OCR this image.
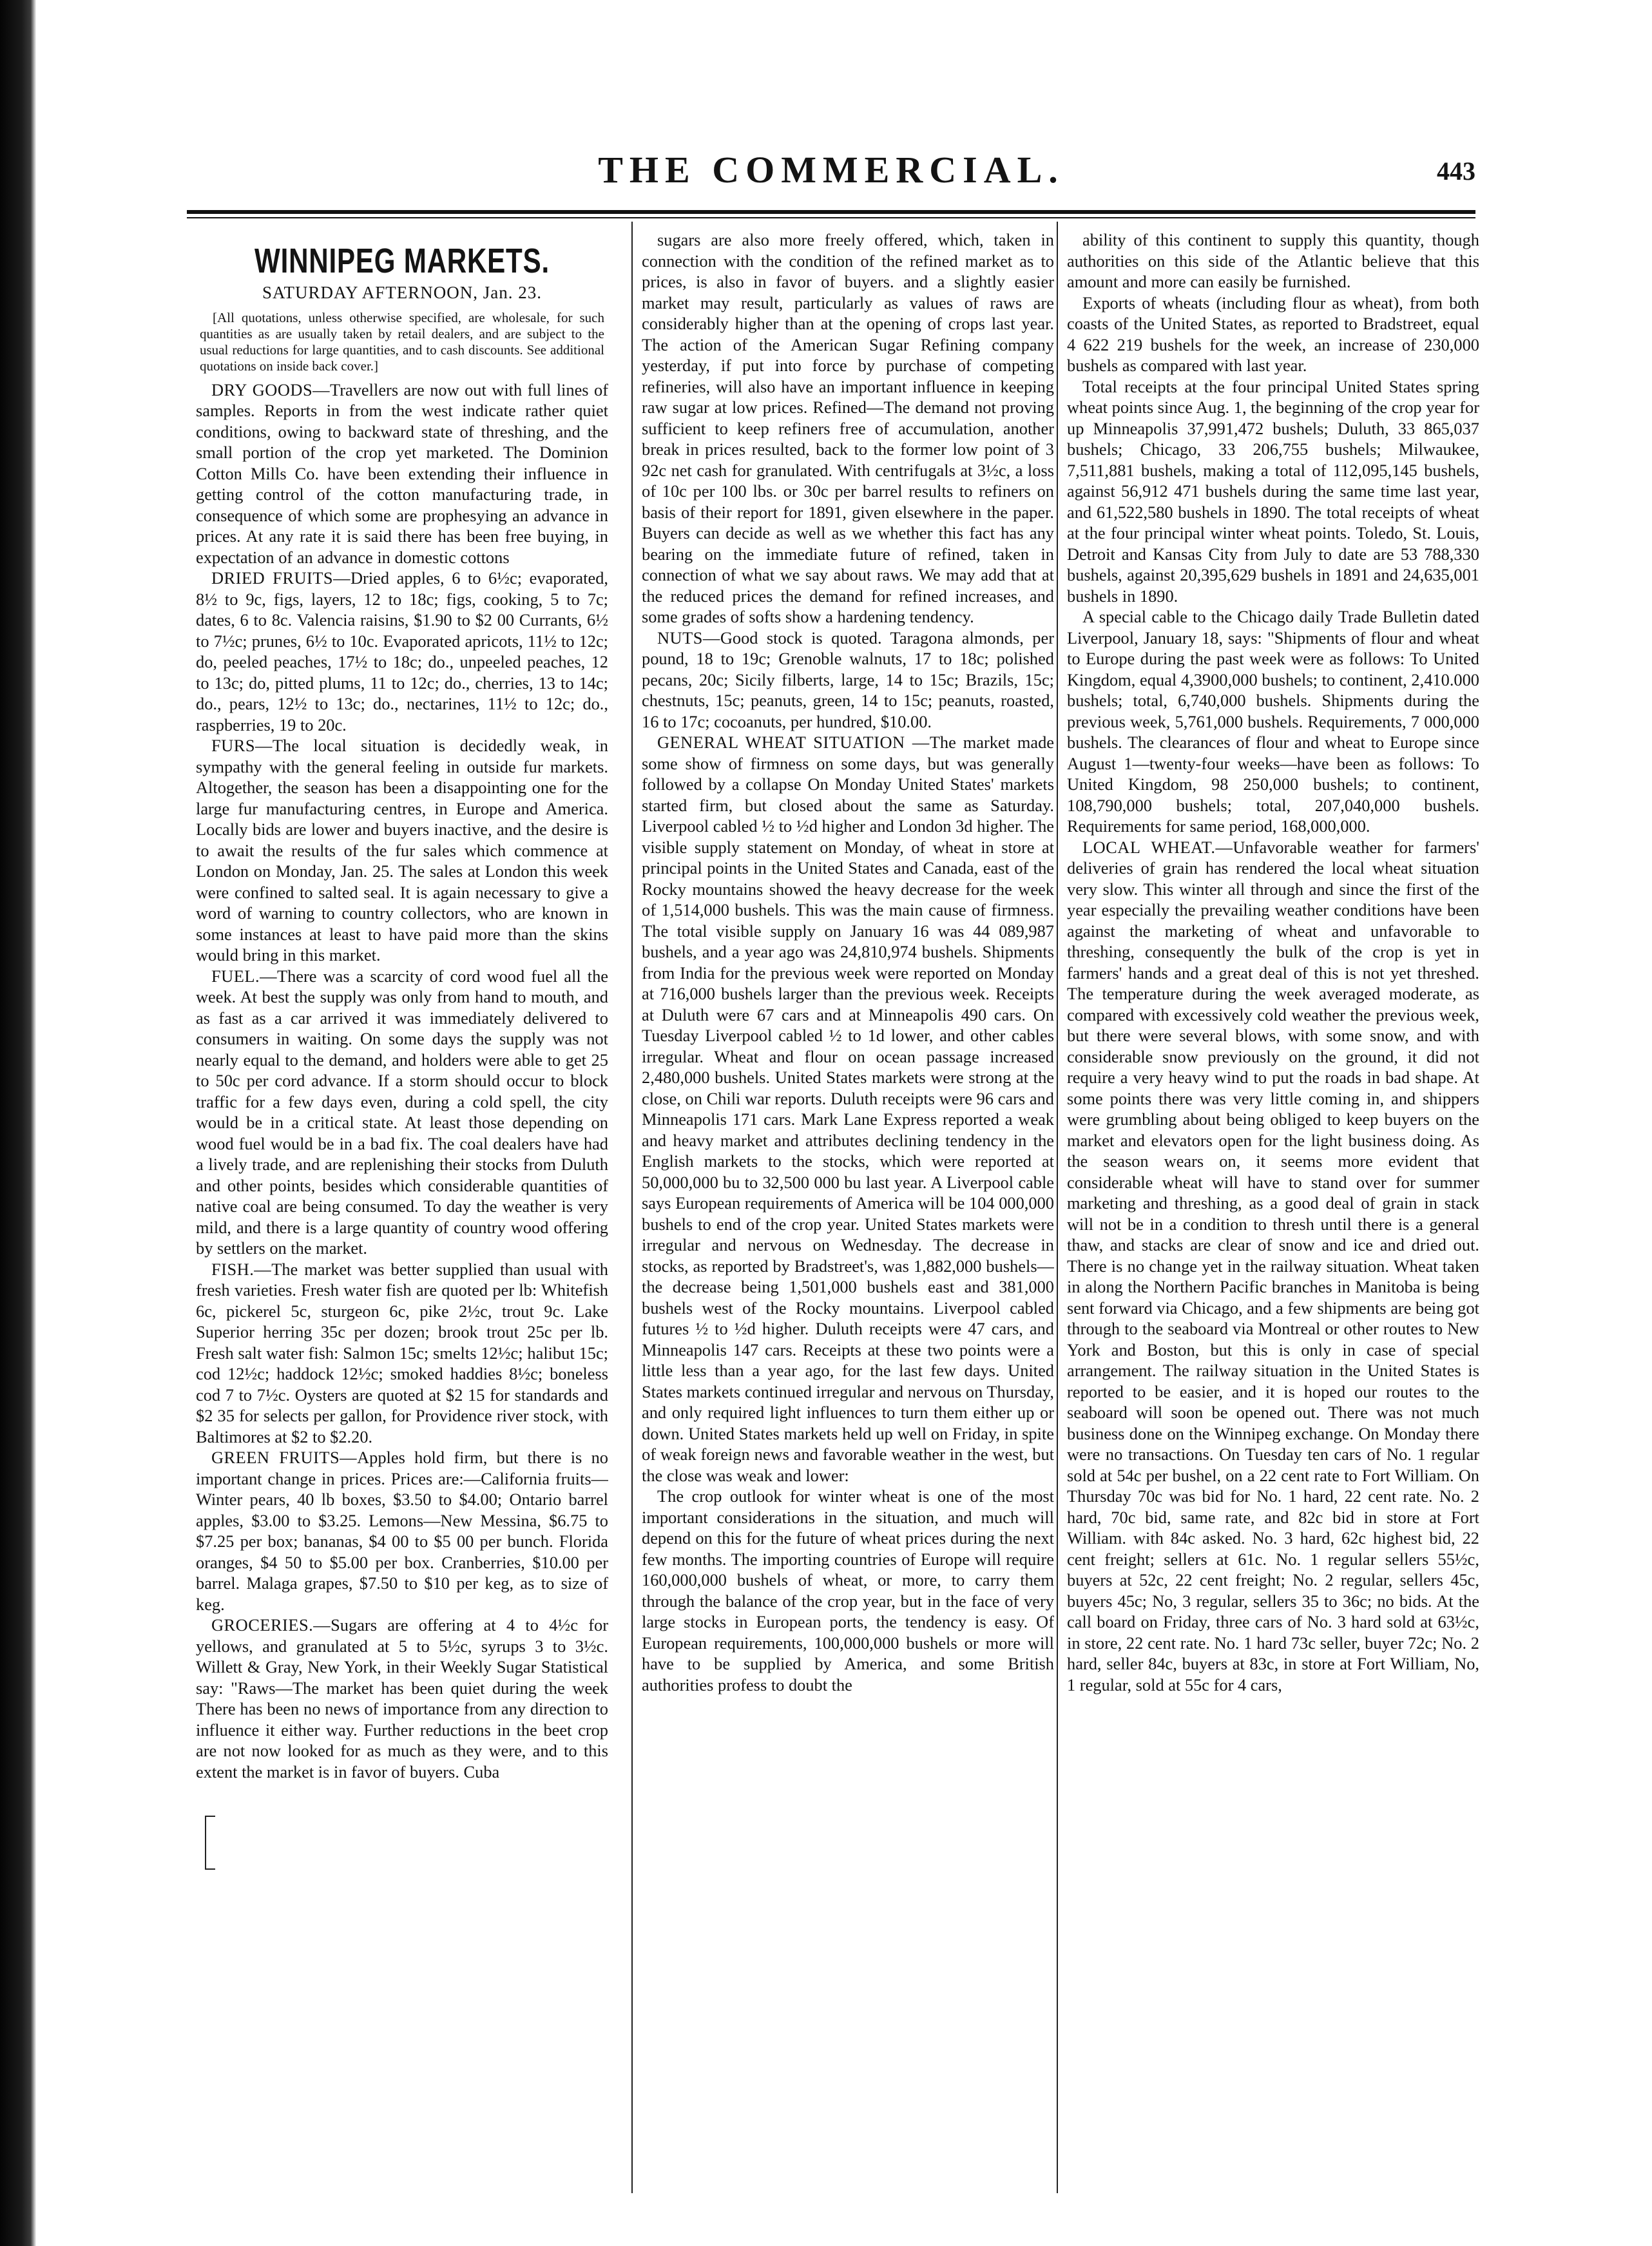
THE COMMERCIAL.	443
WINNIPEG MARKETS.
SATURDAY AFTERNOON, Jan. 23.
[All quotations, unless otherwise specified, are wholesale, for such quantities as are usually taken by retail dealers, and are subject to the usual reductions for large quantities, and to cash discounts. See additional quotations on inside back cover.]

DRY GOODS—Travellers are now out with full lines of samples. Reports in from the west indicate rather quiet conditions, owing to backward state of threshing, and the small portion of the crop yet marketed. The Dominion Cotton Mills Co. have been extending their influence in getting control of the cotton manufacturing trade, in consequence of which some are prophesying an advance in prices. At any rate it is said there has been free buying, in expectation of an advance in domestic cottons

DRIED FRUITS—Dried apples, 6 to 6½c; evaporated, 8½ to 9c, figs, layers, 12 to 18c; figs, cooking, 5 to 7c; dates, 6 to 8c. Valencia raisins, $1.90 to $2 00 Currants, 6½ to 7½c; prunes, 6½ to 10c. Evaporated apricots, 11½ to 12c; do, peeled peaches, 17½ to 18c; do., unpeeled peaches, 12 to 13c; do, pitted plums, 11 to 12c; do., cherries, 13 to 14c; do., pears, 12½ to 13c; do., nectarines, 11½ to 12c; do., raspberries, 19 to 20c.

FURS—The local situation is decidedly weak, in sympathy with the general feeling in outside fur markets. Altogether, the season has been a disappointing one for the large fur manufacturing centres, in Europe and America. Locally bids are lower and buyers inactive, and the desire is to await the results of the fur sales which commence at London on Monday, Jan. 25. The sales at London this week were confined to salted seal. It is again necessary to give a word of warning to country collectors, who are known in some instances at least to have paid more than the skins would bring in this market.

FUEL.—There was a scarcity of cord wood fuel all the week. At best the supply was only from hand to mouth, and as fast as a car arrived it was immediately delivered to consumers in waiting. On some days the supply was not nearly equal to the demand, and holders were able to get 25 to 50c per cord advance. If a storm should occur to block traffic for a few days even, during a cold spell, the city would be in a critical state. At least those depending on wood fuel would be in a bad fix. The coal dealers have had a lively trade, and are replenishing their stocks from Duluth and other points, besides which considerable quantities of native coal are being consumed. To day the weather is very mild, and there is a large quantity of country wood offering by settlers on the market.

FISH.—The market was better supplied than usual with fresh varieties. Fresh water fish are quoted per lb: Whitefish 6c, pickerel 5c, sturgeon 6c, pike 2½c, trout 9c. Lake Superior herring 35c per dozen; brook trout 25c per lb. Fresh salt water fish: Salmon 15c; smelts 12½c; halibut 15c; cod 12½c; haddock 12½c; smoked haddies 8½c; boneless cod 7 to 7½c. Oysters are quoted at $2 15 for standards and $2 35 for selects per gallon, for Providence river stock, with Baltimores at $2 to $2.20.

GREEN FRUITS—Apples hold firm, but there is no important change in prices. Prices are:—California fruits—Winter pears, 40 lb boxes, $3.50 to $4.00; Ontario barrel apples, $3.00 to $3.25. Lemons—New Messina, $6.75 to $7.25 per box; bananas, $4 00 to $5 00 per bunch. Florida oranges, $4 50 to $5.00 per box. Cranberries, $10.00 per barrel. Malaga grapes, $7.50 to $10 per keg, as to size of keg.

GROCERIES.—Sugars are offering at 4 to 4½c for yellows, and granulated at 5 to 5½c, syrups 3 to 3½c. Willett & Gray, New York, in their Weekly Sugar Statistical say: "Raws—The market has been quiet during the week There has been no news of importance from any direction to influence it either way. Further reductions in the beet crop are not now looked for as much as they were, and to this extent the market is in favor of buyers. Cuba

sugars are also more freely offered, which, taken in connection with the condition of the refined market as to prices, is also in favor of buyers. and a slightly easier market may result, particularly as values of raws are considerably higher than at the opening of crops last year. The action of the American Sugar Refining company yesterday, if put into force by purchase of competing refineries, will also have an important influence in keeping raw sugar at low prices. Refined—The demand not proving sufficient to keep refiners free of accumulation, another break in prices resulted, back to the former low point of 3 92c net cash for granulated. With centrifugals at 3½c, a loss of 10c per 100 lbs. or 30c per barrel results to refiners on basis of their report for 1891, given elsewhere in the paper. Buyers can decide as well as we whether this fact has any bearing on the immediate future of refined, taken in connection of what we say about raws. We may add that at the reduced prices the demand for refined increases, and some grades of softs show a hardening tendency.

NUTS—Good stock is quoted. Taragona almonds, per pound, 18 to 19c; Grenoble walnuts, 17 to 18c; polished pecans, 20c; Sicily filberts, large, 14 to 15c; Brazils, 15c; chestnuts, 15c; peanuts, green, 14 to 15c; peanuts, roasted, 16 to 17c; cocoanuts, per hundred, $10.00.

GENERAL WHEAT SITUATION —The market made some show of firmness on some days, but was generally followed by a collapse On Monday United States' markets started firm, but closed about the same as Saturday. Liverpool cabled ½ to ½d higher and London 3d higher. The visible supply statement on Monday, of wheat in store at principal points in the United States and Canada, east of the Rocky mountains showed the heavy decrease for the week of 1,514,000 bushels. This was the main cause of firmness. The total visible supply on January 16 was 44 089,987 bushels, and a year ago was 24,810,974 bushels. Shipments from India for the previous week were reported on Monday at 716,000 bushels larger than the previous week. Receipts at Duluth were 67 cars and at Minneapolis 490 cars. On Tuesday Liverpool cabled ½ to 1d lower, and other cables irregular. Wheat and flour on ocean passage increased 2,480,000 bushels. United States markets were strong at the close, on Chili war reports. Duluth receipts were 96 cars and Minneapolis 171 cars. Mark Lane Express reported a weak and heavy market and attributes declining tendency in the English markets to the stocks, which were reported at 50,000,000 bu to 32,500 000 bu last year. A Liverpool cable says European requirements of America will be 104 000,000 bushels to end of the crop year. United States markets were irregular and nervous on Wednesday. The decrease in stocks, as reported by Bradstreet's, was 1,882,000 bushels—the decrease being 1,501,000 bushels east and 381,000 bushels west of the Rocky mountains. Liverpool cabled futures ½ to ½d higher. Duluth receipts were 47 cars, and Minneapolis 147 cars. Receipts at these two points were a little less than a year ago, for the last few days. United States markets continued irregular and nervous on Thursday, and only required light influences to turn them either up or down. United States markets held up well on Friday, in spite of weak foreign news and favorable weather in the west, but the close was weak and lower:

The crop outlook for winter wheat is one of the most important considerations in the situation, and much will depend on this for the future of wheat prices during the next few months. The importing countries of Europe will require 160,000,000 bushels of wheat, or more, to carry them through the balance of the crop year, but in the face of very large stocks in European ports, the tendency is easy. Of European requirements, 100,000,000 bushels or more will have to be supplied by America, and some British authorities profess to doubt the

ability of this continent to supply this quantity, though authorities on this side of the Atlantic believe that this amount and more can easily be furnished.

Exports of wheats (including flour as wheat), from both coasts of the United States, as reported to Bradstreet, equal 4 622 219 bushels for the week, an increase of 230,000 bushels as compared with last year.

Total receipts at the four principal United States spring wheat points since Aug. 1, the beginning of the crop year for up Minneapolis 37,991,472 bushels; Duluth, 33 865,037 bushels; Chicago, 33 206,755 bushels; Milwaukee, 7,511,881 bushels, making a total of 112,095,145 bushels, against 56,912 471 bushels during the same time last year, and 61,522,580 bushels in 1890. The total receipts of wheat at the four principal winter wheat points. Toledo, St. Louis, Detroit and Kansas City from July to date are 53 788,330 bushels, against 20,395,629 bushels in 1891 and 24,635,001 bushels in 1890.

A special cable to the Chicago daily Trade Bulletin dated Liverpool, January 18, says: "Shipments of flour and wheat to Europe during the past week were as follows: To United Kingdom, equal 4,3900,000 bushels; to continent, 2,410.000 bushels; total, 6,740,000 bushels. Shipments during the previous week, 5,761,000 bushels. Requirements, 7 000,000 bushels. The clearances of flour and wheat to Europe since August 1—twenty-four weeks—have been as follows: To United Kingdom, 98 250,000 bushels; to continent, 108,790,000 bushels; total, 207,040,000 bushels. Requirements for same period, 168,000,000.

LOCAL WHEAT.—Unfavorable weather for farmers' deliveries of grain has rendered the local wheat situation very slow. This winter all through and since the first of the year especially the prevailing weather conditions have been against the marketing of wheat and unfavorable to threshing, consequently the bulk of the crop is yet in farmers' hands and a great deal of this is not yet threshed. The temperature during the week averaged moderate, as compared with excessively cold weather the previous week, but there were several blows, with some snow, and with considerable snow previously on the ground, it did not require a very heavy wind to put the roads in bad shape. At some points there was very little coming in, and shippers were grumbling about being obliged to keep buyers on the market and elevators open for the light business doing. As the season wears on, it seems more evident that considerable wheat will have to stand over for summer marketing and threshing, as a good deal of grain in stack will not be in a condition to thresh until there is a general thaw, and stacks are clear of snow and ice and dried out. There is no change yet in the railway situation. Wheat taken in along the Northern Pacific branches in Manitoba is being sent forward via Chicago, and a few shipments are being got through to the seaboard via Montreal or other routes to New York and Boston, but this is only in case of special arrangement. The railway situation in the United States is reported to be easier, and it is hoped our routes to the seaboard will soon be opened out. There was not much business done on the Winnipeg exchange. On Monday there were no transactions. On Tuesday ten cars of No. 1 regular sold at 54c per bushel, on a 22 cent rate to Fort William. On Thursday 70c was bid for No. 1 hard, 22 cent rate. No. 2 hard, 70c bid, same rate, and 82c bid in store at Fort William. with 84c asked. No. 3 hard, 62c highest bid, 22 cent freight; sellers at 61c. No. 1 regular sellers 55½c, buyers at 52c, 22 cent freight; No. 2 regular, sellers 45c, buyers 45c; No, 3 regular, sellers 35 to 36c; no bids. At the call board on Friday, three cars of No. 3 hard sold at 63½c, in store, 22 cent rate. No. 1 hard 73c seller, buyer 72c; No. 2 hard, seller 84c, buyers at 83c, in store at Fort William, No, 1 regular, sold at 55c for 4 cars,
